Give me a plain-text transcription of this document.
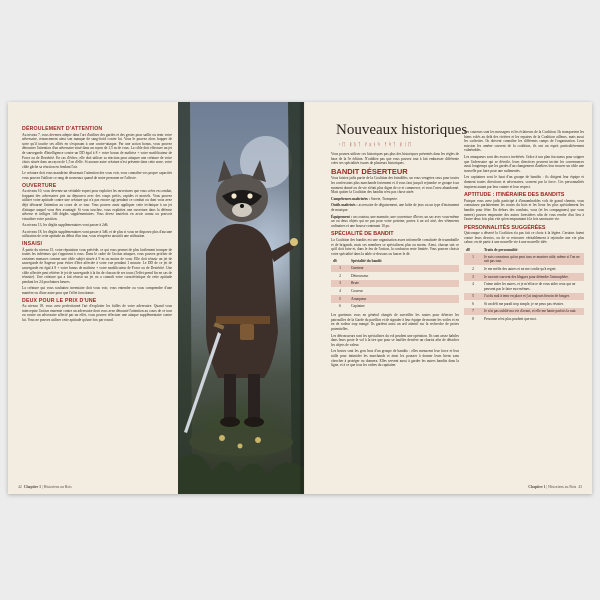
DÉROULEMENT D'ATTENTION

Au niveau 7, vous devenez adepte dans l'art d'utiliser des gardes et des gestes pour saillir ou tenir votre adversaire, renoncement ainsi son manque de sang-froid contre lui. Vous le pouvez alors frapper de sorte qu'il touche ses alliés en s'exposant à une contre-attaque. Par une action bonus, vous pouvez détourner l'attention d'un adversaire situé dans un rayon de 1,5 m de vous. La cible doit effectuer un jet de sauvegarde d'Intelligence contre un DD égal à 8 + votre bonus de maîtrise + votre modificateur de Force ou de Dextérité. En cas d'échec, elle doit utiliser sa réaction pour attaquer une créature de votre choix située dans un rayon de 1,5 m d'elle. Si aucune autre créature n'est présente dans cette zone, votre cible gâche sa réaction en fendant l'air.

Le créature doit vous maudiriez désormais l'attention des vous voir, vous connaître vos propre capacités vous pouvez l'utiliser ce rang de nouveaux quand de notre personne ne l'affecte.

OUVERTURE

Au niveau 10, vous devenez un véritable expert pour exploiter les ouvertures que vous créez en combat, frappant des adversaires pris au dépourvu avec des coups précis, rapides et mortels. Vous pouvez utiliser votre aptitude contre une créature qui n'a pas encore agi pendant ce combat ou dont vous avez déjà détourné l'attention au cours de ce tour. Vous pouvez aussi appliquer cette technique à un jet d'attaque auquel vous êtes avantagé. Si vous touchez, vous exploitez une ouverture dans la défense adverse et infligez 1d6 dégâts supplémentaires. Vous devez toutefois en avoir connu ou pouvoir visualiser votre position.

Au niveau 13, les dégâts supplémentaires vont passer à 2d6.

Au niveau 18, les dégâts supplémentaires vont passer à 3d6, et de plus si vous ne disposez plus d'aucune utilisation de cette aptitude au début d'un tour, vous récupérez aussitôt une utilisation.

INSAISI

À partir du niveau 15, votre réputation vous précède, ce qui vous permet de plus facilement tromper de toutes les inférieurs qui s'opposent à vous. Dans le cadre de l'action attaquer, vous pouvez profiter de certaines menaces comme une cible subjet située à 9 m ou moins de vous. Elle doit réussir un jet de sauvegarde de Sagesse pour éviter d'être affectée à votre vue pendant 1 minute. Le DD de ce jet de sauvegarde est égal à 8 + votre bonus de maîtrise + votre modificateur de Force ou de Dextérité. Une cible affectée peut réitérer le jet de sauvegarde à la fin de chacun de ses tours (l'effet prend fin en cas de réussite). Une créature qui a fait réussir un jet ou a connaît votre caractéristique de cette aptitude pendant les 24 prochaines heures.

La créature qui vous souhaitez inventaire doit vous voir, vous entendre ou vous comprendre d'une manière ou d'une autre pour que l'effet fonctionne.

DEUX POUR LE PRIX D'UNE

Au niveau 18, vous avez perfectionné l'art d'exploiter les failles de votre adversaire. Quand vous interceptez l'action ennemie contre un adversaire dont vous avez détourné l'attention au cours de ce tour ou contre un adversaire affecté par un effet, vous pouvez effectuer une attaque supplémentaire contre lui. Vous ne pouvez utiliser cette aptitude qu'une fois par round.

Nouveaux historiques
ᚲᛖ ᛒᚢᛏ ᚹᛟᚾᛋ ᚨᛋᛏ ᛒᛁᛖ

Vous pouvez utiliser ces historiques pas plus des historiques présentés dans les règles de base de la 5e édition. N'oubliez pas que vous pouvez tout à fait embrasser différente créer ses spécialités issues de plusieurs historiques.

BANDIT DÉSERTEUR

Vous faisiez jadis partie de la Coalition des brindilles, un vous vengeiez ceux pour toutes les confessions plus marchande fortement et il vous faut jusqu'à rejoindre ce groupe à un moment donné ou de vie n'était plus digne de ce et commerce, et vous l'avez abandonné. Mais quitter la Coalition des bandits n'est pas chose aisée.

Compétences maîtrisées : Survie, Tromperie.

Outils maîtrisés : accessoire de déguisement, une boîte de jeux ou un type d'instrument de musique.

Équipement : un couteau, une marmite, une couverture d'hiver, un sac avec vous-même un ou deux objets qui ne pas pour votre poitrine, portez à un sol aisé, des vêtements ordinaires et une bourse contenant 10 po.

SPÉCIALITÉ DE BANDIT

La Coalition des bandits est une organisation assez informelle constituée de truandraille et de brigands, mais ses membres se spécialisent plus ou moins. Ainsi, chacun sait ce qu'il doit faire et, dans le feu de l'action, la confusion reste limitée. Vous pouvez choisir votre spécialité dans la table ci-dessous ou lancer le dé.

d6	Spécialité du bandit
1	Guetteur
2	Détrousseur
3	Brute
4	Coureur
5	Arnaqueur
6	Capitaine

Les guetteurs vous en général chargés de surveiller les routes pour détecter les patrouilles de la Garde du pavillon et de signaler à leur équipe de monter les voiles et en en de rodeur trop mangé. Ils gardent aussi un œil attentif sur la recherche de proies potentielles.

Les détrousseurs sont les spécialistes du vol prudent une opération. Ils sont assez habiles dans leurs poste le vol à la tire que pour se faufiler derrière un chariot afin de détacher les objets de valeur.

Les brutes sont les gros bras d'un groupe de bandits : elles menacent leur force et leur taille pour intimider les marchands et ainsi les pousser à donner leurs biens sans chercher à protéger ou donnera. Elles servent aussi à garder les autres bandits dans la ligne, et à ce que tous les ordres du capitaine.

Les coureurs sont les messagers et les éclaireurs de la Coalition. Ils transportent les biens volés au delà des rivières et les repaires de la Coalition ailleurs, mais aussi les cachettes. Ils doivent connaître les différents camps de l'organisation. Leur mission les amène souvent de la coalition, ils ont un esprit particulièrement vulnérables.

Les arnaqueurs sont des escrocs invétérés. Grâce à son plan fructueux pour soigner que l'adversaire qui se dévoile, leurs directives peuvent inciter les convenances aussi longtemps que les gardes d'un changement d'ateliers leur trouver un cible une nouvelle par faire pour une rudimentés.

Les capitaines sont le haut d'un groupe de bandits : ils dirigent leur équipe et donnent toutes directions et adversaires, souvent par la force. Ces personnalités inspirent autant par leur crainte et leur respect.

APTITUDE : ITINÉRAIRE DES BANDITS

Puisque vous avez jadis participé à d'innombrables vols de grand chemin, vous connaissez parfaitement les routes du bois et les lieux les plus spécialement les bandits pour fêter. En dehors des combats, vous (et les compagnons) que vous menez) pouvez emprunter des autres forestières afin de vous rendre d'un lieu à l'autre deux fois plus vite qu'en empruntant à la fois sanctuaire vie.

PERSONNALITÉS SUGGÉRÉES

Quiconque a déserté la Coalition n'a pas fait ce choix à la légère. Certains fuient contre leurs devoirs, ou de se retrouver véritablement à rejoindre une vie plus calme, en de partir à une nouvelle vie à une nouvelle idée.

d8	Traits de personnalité
1	Je suis convaincu qu'on peut tous se montrer utile, même si l'on ne sait pas tout.
2	Je me méfie des autres et ne me confie qu'à regret.
3	Je raconte souvent des blagues pour détendre l'atmosphère.
4	J'aime aider les autres, et je m'efforce de vous aider ceux qui ne peuvent pas le faire eux-mêmes.
5	J'ai du mal à tenir en place et j'ai toujours besoin de bouger.
6	Si un défi me paraît trop simple, je ne peux pas résister.
7	Je n'ai pas oublié ma vie d'avant, et elle me hante parfois la nuit.
8	Personne n'est plus prudent que moi.
42 Chapitre 1 | Historiens au Bois	Chapitre 1 | Historiens au Bois 43
